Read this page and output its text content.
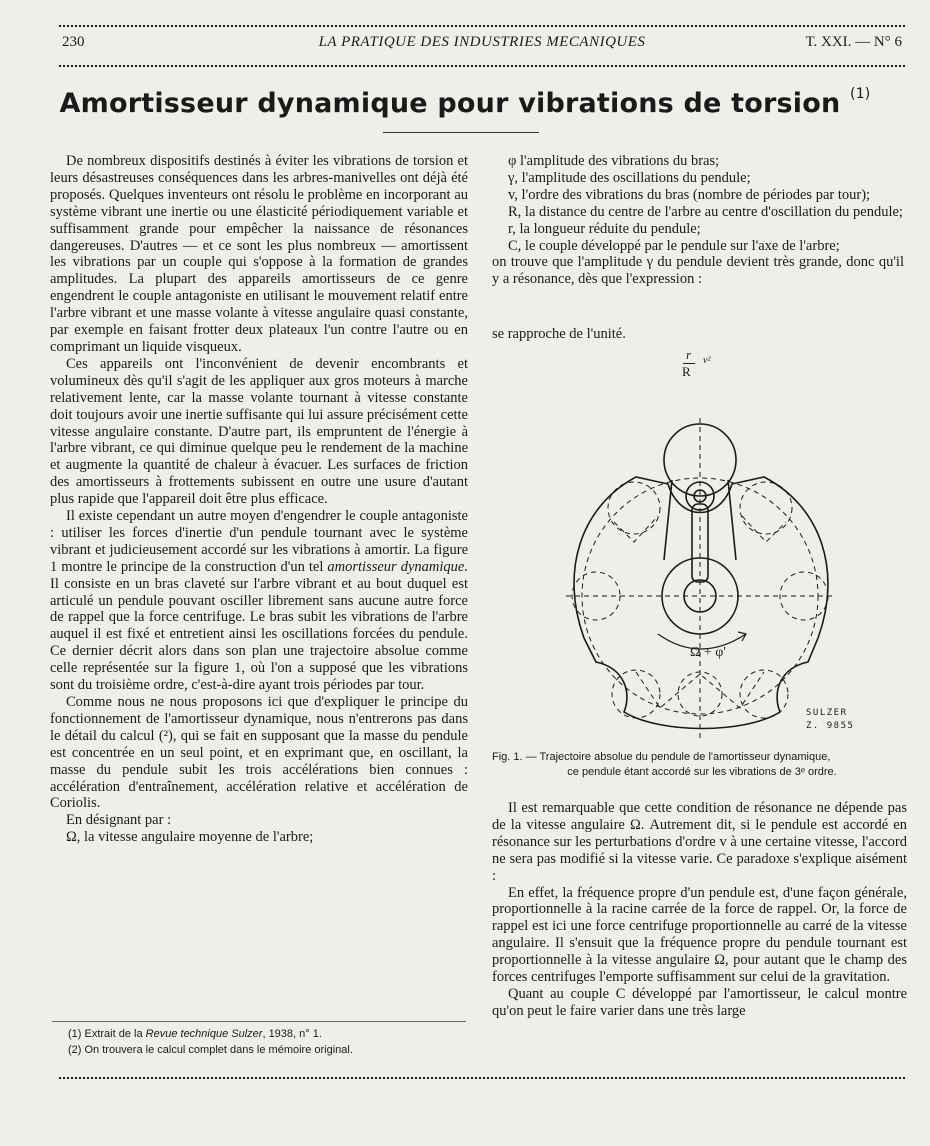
230	LA PRATIQUE DES INDUSTRIES MECANIQUES	T. XXI. — N° 6
Amortisseur dynamique pour vibrations de torsion $^{(1)}$

De nombreux dispositifs destinés à éviter les vibrations de torsion et leurs désastreuses conséquences dans les arbres-manivelles ont déjà été proposés. Quelques inventeurs ont résolu le problème en incorporant au système vibrant une inertie ou une élasticité périodiquement variable et suffisamment grande pour empêcher la naissance de résonances dangereuses. D'autres — et ce sont les plus nombreux — amortissent les vibrations par un couple qui s'oppose à la formation de grandes amplitudes. La plupart des appareils amortisseurs de ce genre engendrent le couple antagoniste en utilisant le mouvement relatif entre l'arbre vibrant et une masse volante à vitesse angulaire quasi constante, par exemple en faisant frotter deux plateaux l'un contre l'autre ou en comprimant un liquide visqueux.

Ces appareils ont l'inconvénient de devenir encombrants et volumineux dès qu'il s'agit de les appliquer aux gros moteurs à marche relativement lente, car la masse volante tournant à vitesse constante doit toujours avoir une inertie suffisante qui lui assure précisément cette vitesse angulaire constante. D'autre part, ils empruntent de l'énergie à l'arbre vibrant, ce qui diminue quelque peu le rendement de la machine et augmente la quantité de chaleur à évacuer. Les surfaces de friction des amortisseurs à frottements subissent en outre une usure d'autant plus rapide que l'appareil doit être plus efficace.

Il existe cependant un autre moyen d'engendrer le couple antagoniste : utiliser les forces d'inertie d'un pendule tournant avec le système vibrant et judicieusement accordé sur les vibrations à amortir. La figure 1 montre le principe de la construction d'un tel amortisseur dynamique. Il consiste en un bras claveté sur l'arbre vibrant et au bout duquel est articulé un pendule pouvant osciller librement sans aucune autre force de rappel que la force centrifuge. Le bras subit les vibrations de l'arbre auquel il est fixé et entretient ainsi les oscillations forcées du pendule. Ce dernier décrit alors dans son plan une trajectoire absolue comme celle représentée sur la figure 1, où l'on a supposé que les vibrations sont du troisième ordre, c'est-à-dire ayant trois périodes par tour.

Comme nous ne nous proposons ici que d'expliquer le principe du fonctionnement de l'amortisseur dynamique, nous n'entrerons pas dans le détail du calcul (²), qui se fait en supposant que la masse du pendule est concentrée en un seul point, et en exprimant que, en oscillant, la masse du pendule subit les trois accélérations bien connues : accélération d'entraînement, accélération relative et accélération de Coriolis.

En désignant par :

Ω, la vitesse angulaire moyenne de l'arbre;

φ l'amplitude des vibrations du bras;

γ, l'amplitude des oscillations du pendule;

v, l'ordre des vibrations du bras (nombre de périodes par tour);

R, la distance du centre de l'arbre au centre d'oscillation du pendule;

r, la longueur réduite du pendule;

C, le couple développé par le pendule sur l'axe de l'arbre;

on trouve que l'amplitude γ du pendule devient très grande, donc qu'il y a résonance, dès que l'expression :

se rapproche de l'unité.

r
R
v²
Ω + φ'
SULZER
Z. 9855
Fig. 1. — Trajectoire absolue du pendule de l'amortisseur dynamique,
ce pendule étant accordé sur les vibrations de 3ᵉ ordre.

Il est remarquable que cette condition de résonance ne dépende pas de la vitesse angulaire Ω. Autrement dit, si le pendule est accordé en résonance sur les perturbations d'ordre v à une certaine vitesse, l'accord ne sera pas modifié si la vitesse varie. Ce paradoxe s'explique aisément :

En effet, la fréquence propre d'un pendule est, d'une façon générale, proportionnelle à la racine carrée de la force de rappel. Or, la force de rappel est ici une force centrifuge proportionnelle au carré de la vitesse angulaire. Il s'ensuit que la fréquence propre du pendule tournant est proportionnelle à la vitesse angulaire Ω, pour autant que le champ des forces centrifuges l'emporte suffisamment sur celui de la gravitation.

Quant au couple C développé par l'amortisseur, le calcul montre qu'on peut le faire varier dans une très large

(1) Extrait de la Revue technique Sulzer, 1938, n° 1.
(2) On trouvera le calcul complet dans le mémoire original.
